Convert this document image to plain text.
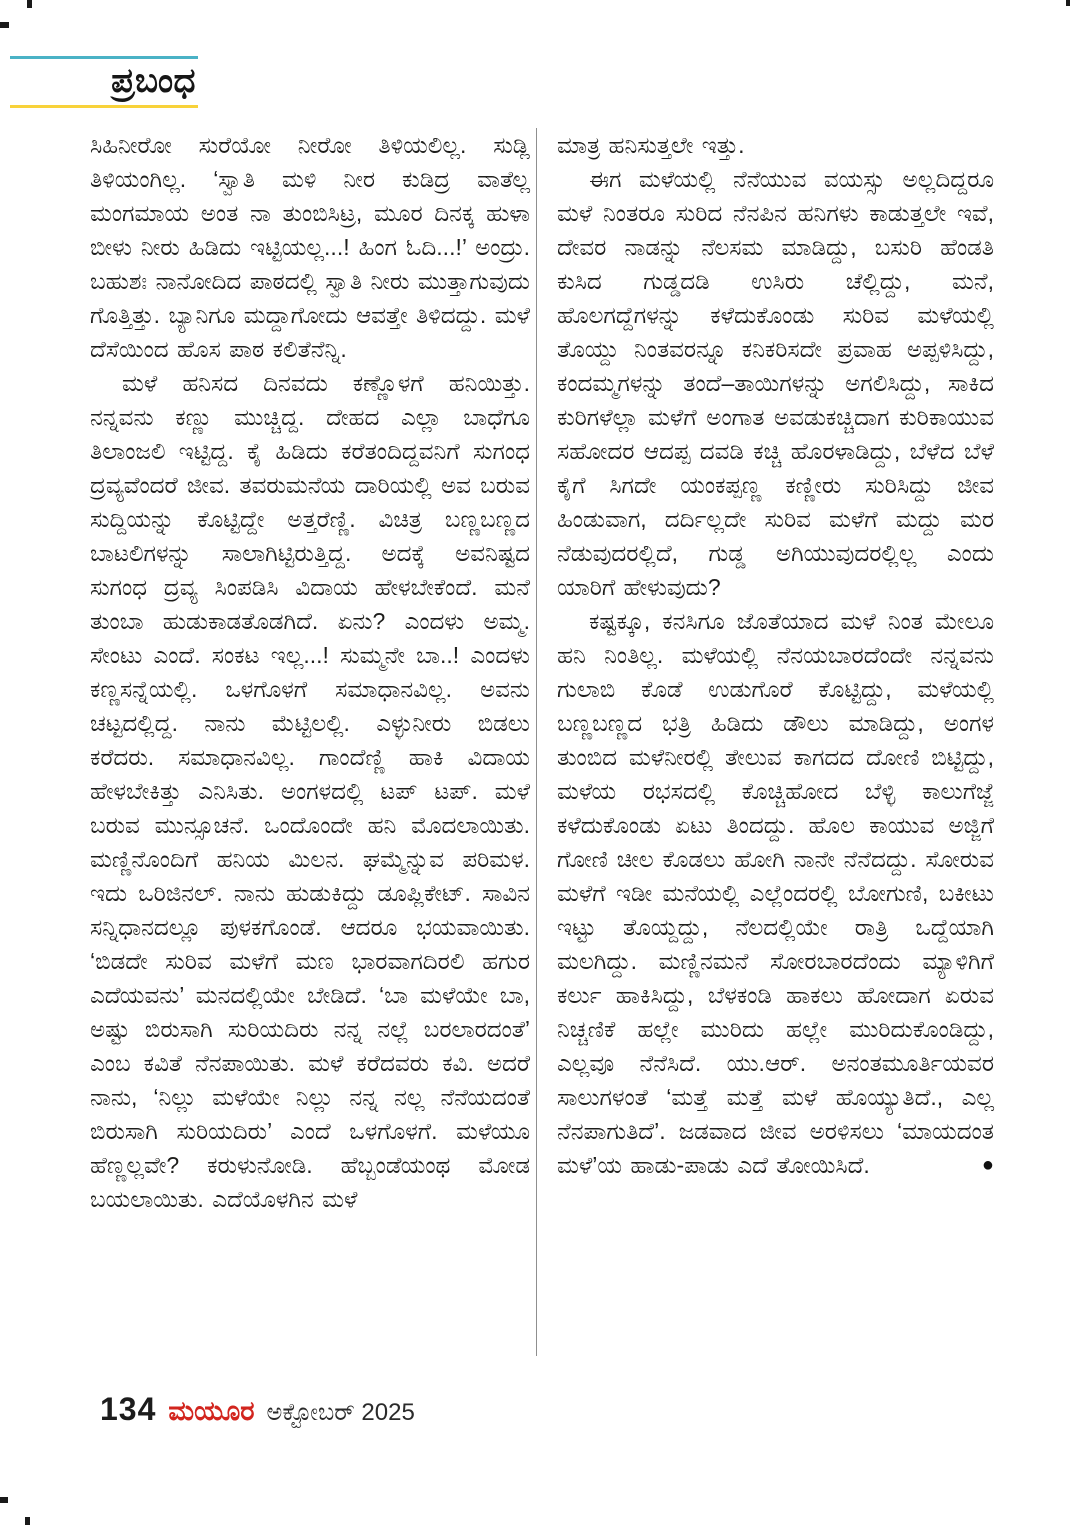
ಪ್ರಬಂಧ

ಸಿಹಿನೀರೋ ಸುರೆಯೋ ನೀರೋ ತಿಳಿಯಲಿಲ್ಲ. ಸುಡ್ಲಿ ತಿಳಿಯಂಗಿಲ್ಲ. ‘ಸ್ವಾತಿ ಮಳಿ ನೀರ ಕುಡಿದ್ರ ವಾತೆಲ್ಲ ಮಂಗಮಾಯ ಅಂತ ನಾ ತುಂಬಿಸಿಟ್ರ, ಮೂರ ದಿನಕ್ಕ ಹುಳಾ ಬೀಳು ನೀರು ಹಿಡಿದು ಇಟ್ಟಿಯಲ್ಲ...! ಹಿಂಗ ಓದಿ...!’ ಅಂದ್ರು. ಬಹುಶಃ ನಾನೋದಿದ ಪಾಠದಲ್ಲಿ ಸ್ವಾತಿ ನೀರು ಮುತ್ತಾಗುವುದು ಗೊತ್ತಿತ್ತು. ಬ್ಯಾನಿಗೂ ಮದ್ದಾಗೋದು ಆವತ್ತೇ ತಿಳಿದದ್ದು. ಮಳೆ ದೆಸೆಯಿಂದ ಹೊಸ ಪಾಠ ಕಲಿತೆನೆನ್ನಿ.

ಮಳೆ ಹನಿಸದ ದಿನವದು ಕಣ್ಣೊಳಗೆ ಹನಿಯಿತ್ತು. ನನ್ನವನು ಕಣ್ಣು ಮುಚ್ಚಿದ್ದ. ದೇಹದ ಎಲ್ಲಾ ಬಾಧೆಗೂ ತಿಲಾಂಜಲಿ ಇಟ್ಟಿದ್ದ. ಕೈ ಹಿಡಿದು ಕರೆತಂದಿದ್ದವನಿಗೆ ಸುಗಂಧ ದ್ರವ್ಯವೆಂದರೆ ಜೀವ. ತವರುಮನೆಯ ದಾರಿಯಲ್ಲಿ ಅವ ಬರುವ ಸುದ್ದಿಯನ್ನು ಕೊಟ್ಟಿದ್ದೇ ಅತ್ತರೆಣ್ಣಿ. ವಿಚಿತ್ರ ಬಣ್ಣಬಣ್ಣದ ಬಾಟಲಿಗಳನ್ನು ಸಾಲಾಗಿಟ್ಟಿರುತ್ತಿದ್ದ. ಅದಕ್ಕೆ ಅವನಿಷ್ಟದ ಸುಗಂಧ ದ್ರವ್ಯ ಸಿಂಪಡಿಸಿ ವಿದಾಯ ಹೇಳಬೇಕೆಂದೆ. ಮನೆ ತುಂಬಾ ಹುಡುಕಾಡತೊಡಗಿದೆ. ಏನು? ಎಂದಳು ಅಮ್ಮ. ಸೇಂಟು ಎಂದೆ. ಸಂಕಟ ಇಲ್ಲ...! ಸುಮ್ಮನೇ ಬಾ..! ಎಂದಳು ಕಣ್ಣಸನ್ನೆಯಲ್ಲಿ. ಒಳಗೊಳಗೆ ಸಮಾಧಾನವಿಲ್ಲ. ಅವನು ಚಟ್ಟದಲ್ಲಿದ್ದ. ನಾನು ಮೆಟ್ಟಿಲಲ್ಲಿ. ಎಳ್ಳುನೀರು ಬಿಡಲು ಕರೆದರು. ಸಮಾಧಾನವಿಲ್ಲ. ಗಾಂದೆಣ್ಣಿ ಹಾಕಿ ವಿದಾಯ ಹೇಳಬೇಕಿತ್ತು ಎನಿಸಿತು. ಅಂಗಳದಲ್ಲಿ ಟಪ್ ಟಪ್. ಮಳೆ ಬರುವ ಮುನ್ಸೂಚನೆ. ಒಂದೊಂದೇ ಹನಿ ಮೊದಲಾಯಿತು. ಮಣ್ಣಿನೊಂದಿಗೆ ಹನಿಯ ಮಿಲನ. ಘಮ್ಮೆನ್ನುವ ಪರಿಮಳ. ಇದು ಒರಿಜಿನಲ್. ನಾನು ಹುಡುಕಿದ್ದು ಡೂಪ್ಲಿಕೇಟ್. ಸಾವಿನ ಸನ್ನಿಧಾನದಲ್ಲೂ ಪುಳಕಗೊಂಡೆ. ಆದರೂ ಭಯವಾಯಿತು. ‘ಬಿಡದೇ ಸುರಿವ ಮಳೆಗೆ ಮಣ ಭಾರವಾಗದಿರಲಿ ಹಗುರ ಎದೆಯವನು’ ಮನದಲ್ಲಿಯೇ ಬೇಡಿದೆ. ‘ಬಾ ಮಳೆಯೇ ಬಾ, ಅಷ್ಟು ಬಿರುಸಾಗಿ ಸುರಿಯದಿರು ನನ್ನ ನಲ್ಲೆ ಬರಲಾರದಂತೆ’ ಎಂಬ ಕವಿತೆ ನೆನಪಾಯಿತು. ಮಳೆ ಕರೆದವರು ಕವಿ. ಅದರೆ ನಾನು, ‘ನಿಲ್ಲು ಮಳೆಯೇ ನಿಲ್ಲು ನನ್ನ ನಲ್ಲ ನೆನೆಯದಂತೆ ಬಿರುಸಾಗಿ ಸುರಿಯದಿರು’ ಎಂದೆ ಒಳಗೊಳಗೆ. ಮಳೆಯೂ ಹೆಣ್ಣಲ್ಲವೇ? ಕರುಳುನೋಡಿ. ಹೆಬ್ಬಂಡೆಯಂಥ ಮೋಡ ಬಯಲಾಯಿತು. ಎದೆಯೊಳಗಿನ ಮಳೆ

ಮಾತ್ರ ಹನಿಸುತ್ತಲೇ ಇತ್ತು.

ಈಗ ಮಳೆಯಲ್ಲಿ ನೆನೆಯುವ ವಯಸ್ಸು ಅಲ್ಲದಿದ್ದರೂ ಮಳೆ ನಿಂತರೂ ಸುರಿದ ನೆನಪಿನ ಹನಿಗಳು ಕಾಡುತ್ತಲೇ ಇವೆ, ದೇವರ ನಾಡನ್ನು ನೆಲಸಮ ಮಾಡಿದ್ದು, ಬಸುರಿ ಹೆಂಡತಿ ಕುಸಿದ ಗುಡ್ಡದಡಿ ಉಸಿರು ಚೆಲ್ಲಿದ್ದು, ಮನೆ, ಹೊಲಗದ್ದೆಗಳನ್ನು ಕಳೆದುಕೊಂಡು ಸುರಿವ ಮಳೆಯಲ್ಲಿ ತೊಯ್ದು ನಿಂತವರನ್ನೂ ಕನಿಕರಿಸದೇ ಪ್ರವಾಹ ಅಪ್ಪಳಿಸಿದ್ದು, ಕಂದಮ್ಮಗಳನ್ನು ತಂದೆ–ತಾಯಿಗಳನ್ನು ಅಗಲಿಸಿದ್ದು, ಸಾಕಿದ ಕುರಿಗಳೆಲ್ಲಾ ಮಳೆಗೆ ಅಂಗಾತ ಅವಡುಕಚ್ಚಿದಾಗ ಕುರಿಕಾಯುವ ಸಹೋದರ ಆದಪ್ಪ ದವಡಿ ಕಚ್ಚಿ ಹೊರಳಾಡಿದ್ದು, ಬೆಳೆದ ಬೆಳೆ ಕೈಗೆ ಸಿಗದೇ ಯಂಕಪ್ಪಣ್ಣ ಕಣ್ಣೀರು ಸುರಿಸಿದ್ದು ಜೀವ ಹಿಂಡುವಾಗ, ದರ್ದಿಲ್ಲದೇ ಸುರಿವ ಮಳೆಗೆ ಮದ್ದು ಮರ ನೆಡುವುದರಲ್ಲಿದೆ, ಗುಡ್ಡ ಅಗಿಯುವುದರಲ್ಲಿಲ್ಲ ಎಂದು ಯಾರಿಗೆ ಹೇಳುವುದು?

ಕಷ್ಟಕ್ಕೂ, ಕನಸಿಗೂ ಜೊತೆಯಾದ ಮಳೆ ನಿಂತ ಮೇಲೂ ಹನಿ ನಿಂತಿಲ್ಲ. ಮಳೆಯಲ್ಲಿ ನೆನಯಬಾರದೆಂದೇ ನನ್ನವನು ಗುಲಾಬಿ ಕೊಡೆ ಉಡುಗೊರೆ ಕೊಟ್ಟಿದ್ದು, ಮಳೆಯಲ್ಲಿ ಬಣ್ಣಬಣ್ಣದ ಭತ್ರಿ ಹಿಡಿದು ಡೌಲು ಮಾಡಿದ್ದು, ಅಂಗಳ ತುಂಬಿದ ಮಳೆನೀರಲ್ಲಿ ತೇಲುವ ಕಾಗದದ ದೋಣಿ ಬಿಟ್ಟಿದ್ದು, ಮಳೆಯ ರಭಸದಲ್ಲಿ ಕೊಚ್ಚಿಹೋದ ಬೆಳ್ಳಿ ಕಾಲುಗೆಜ್ಜೆ ಕಳೆದುಕೊಂಡು ಏಟು ತಿಂದದ್ದು. ಹೊಲ ಕಾಯುವ ಅಜ್ಜಿಗೆ ಗೋಣಿ ಚೀಲ ಕೊಡಲು ಹೋಗಿ ನಾನೇ ನೆನೆದದ್ದು. ಸೋರುವ ಮಳೆಗೆ ಇಡೀ ಮನೆಯಲ್ಲಿ ಎಲ್ಲೆಂದರಲ್ಲಿ ಬೋಗುಣಿ, ಬಕೀಟು ಇಟ್ಟು ತೊಯ್ದದ್ದು, ನೆಲದಲ್ಲಿಯೇ ರಾತ್ರಿ ಒದ್ದೆಯಾಗಿ ಮಲಗಿದ್ದು. ಮಣ್ಣಿನಮನೆ ಸೋರಬಾರದೆಂದು ಮ್ಯಾಳಿಗಿಗೆ ಕರ್ಲು ಹಾಕಿಸಿದ್ದು, ಬೆಳಕಂಡಿ ಹಾಕಲು ಹೋದಾಗ ಏರುವ ನಿಚ್ಚಣಿಕೆ ಹಲ್ಲೇ ಮುರಿದು ಹಲ್ಲೇ ಮುರಿದುಕೊಂಡಿದ್ದು, ಎಲ್ಲವೂ ನೆನೆಸಿದೆ. ಯು.ಆರ್. ಅನಂತಮೂರ್ತಿಯವರ ಸಾಲುಗಳಂತೆ ‘ಮತ್ತೆ ಮತ್ತೆ ಮಳೆ ಹೊಯ್ಯುತಿದೆ., ಎಲ್ಲ ನೆನಪಾಗುತಿದೆ’. ಜಡವಾದ ಜೀವ ಅರಳಿಸಲು ‘ಮಾಯದಂತ ಮಳೆ’ಯ ಹಾಡು-ಪಾಡು ಎದೆ ತೋಯಿಸಿದೆ.	●

134 ಮಯೂರ ಅಕ್ಟೋಬರ್ 2025
